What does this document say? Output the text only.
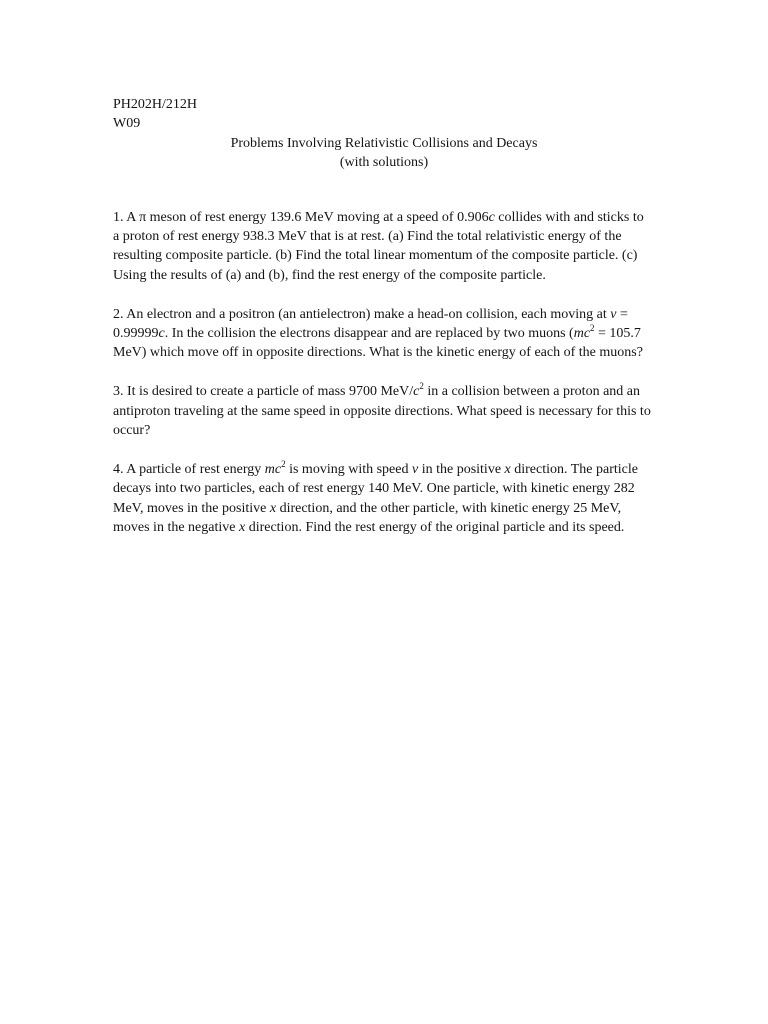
PH202H/212H
W09
Problems Involving Relativistic Collisions and Decays
(with solutions)

1. A π meson of rest energy 139.6 MeV moving at a speed of 0.906c collides with and sticks to a proton of rest energy 938.3 MeV that is at rest. (a) Find the total relativistic energy of the resulting composite particle. (b) Find the total linear momentum of the composite particle. (c) Using the results of (a) and (b), find the rest energy of the composite particle.

2. An electron and a positron (an antielectron) make a head-on collision, each moving at v = 0.99999c. In the collision the electrons disappear and are replaced by two muons ($mc^2 = 105.7$ MeV) which move off in opposite directions. What is the kinetic energy of each of the muons?

3. It is desired to create a particle of mass 9700 MeV/$c^2$ in a collision between a proton and an antiproton traveling at the same speed in opposite directions. What speed is necessary for this to occur?

4. A particle of rest energy $mc^2$ is moving with speed v in the positive x direction. The particle decays into two particles, each of rest energy 140 MeV. One particle, with kinetic energy 282 MeV, moves in the positive x direction, and the other particle, with kinetic energy 25 MeV, moves in the negative x direction. Find the rest energy of the original particle and its speed.
